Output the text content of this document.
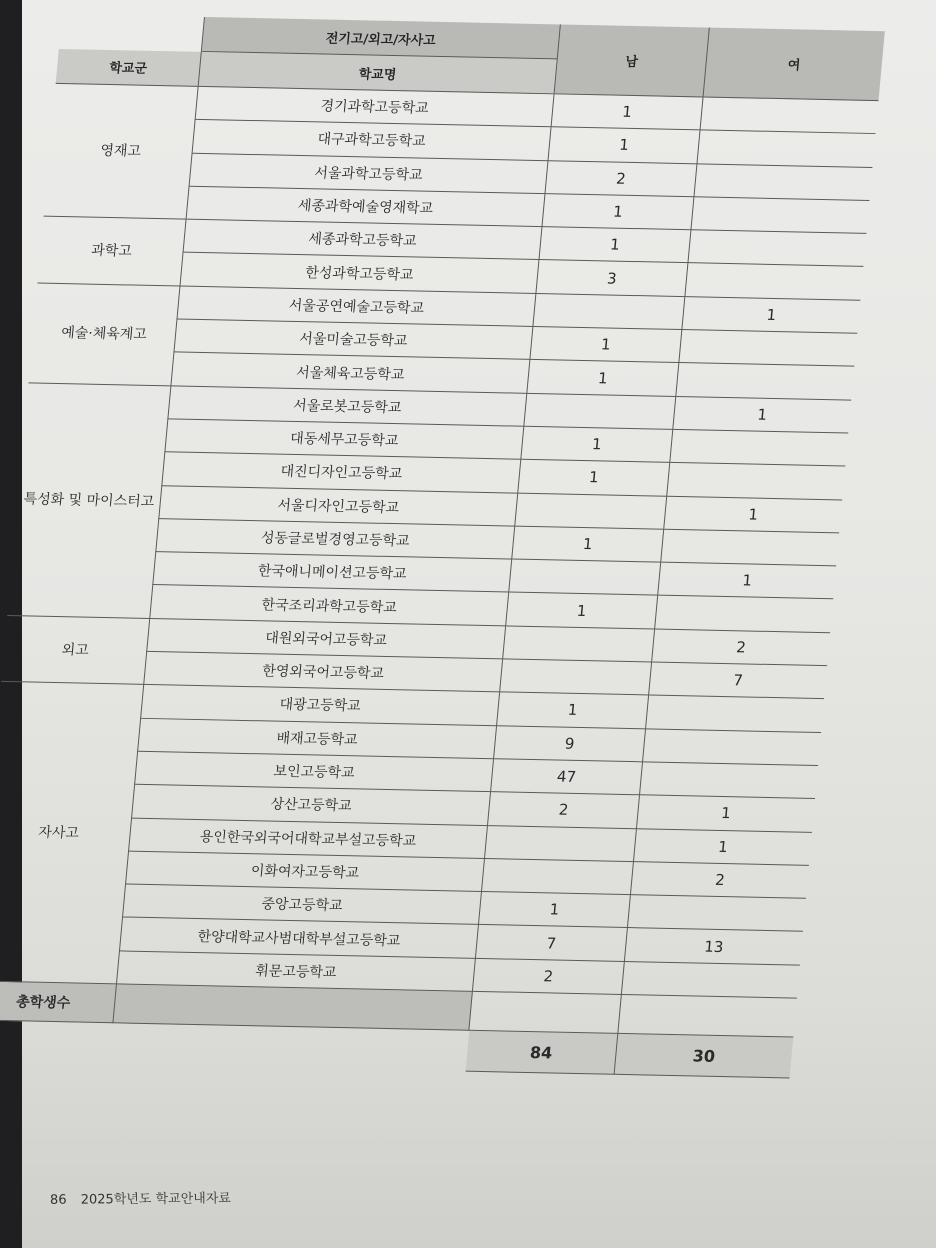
	전기고/외고/자사고	남	여
학교군	학교명		
영재고	경기과학고등학교	1	
	대구과학고등학교	1	
	서울과학고등학교	2	
	세종과학예술영재학교	1	
과학고	세종과학고등학교	1	
	한성과학고등학교	3	
예술·체육계고	서울공연예술고등학교		1
	서울미술고등학교	1	
	서울체육고등학교	1	
특성화 및 마이스터고	서울로봇고등학교		1
	대동세무고등학교	1	
	대진디자인고등학교	1	
	서울디자인고등학교		1
	성동글로벌경영고등학교	1	
	한국애니메이션고등학교		1
	한국조리과학고등학교	1	
외고	대원외국어고등학교		2
	한영외국어고등학교		7
자사고	대광고등학교	1	
	배재고등학교	9	
	보인고등학교	47	
	상산고등학교	2	1
	용인한국외국어대학교부설고등학교		1
	이화여자고등학교		2
	중앙고등학교	1	
	한양대학교사범대학부설고등학교	7	13
	휘문고등학교	2	
총학생수			
		84	30
86 2025학년도 학교안내자료
